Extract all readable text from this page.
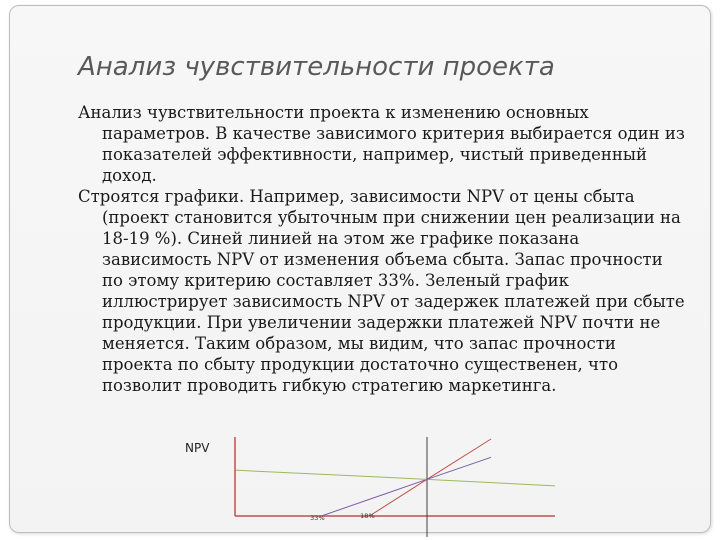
Анализ чувствительности проекта

Анализ чувствительности проекта к изменению основных параметров. В качестве зависимого критерия выбирается один из показателей эффективности, например, чистый приведенный доход.

Строятся графики. Например, зависимости NPV от цены сбыта (проект становится убыточным при снижении цен реализации на 18-19 %). Синей линией на этом же графике показана зависимость NPV от изменения объема сбыта. Запас прочности по этому критерию составляет 33%. Зеленый график иллюстрирует зависимость NPV от задержек платежей при сбыте продукции. При увеличении задержки платежей NPV почти не меняется. Таким образом, мы видим, что запас прочности проекта по сбыту продукции достаточно существенен, что позволит проводить гибкую стратегию маркетинга.

NPV
33%	18%
